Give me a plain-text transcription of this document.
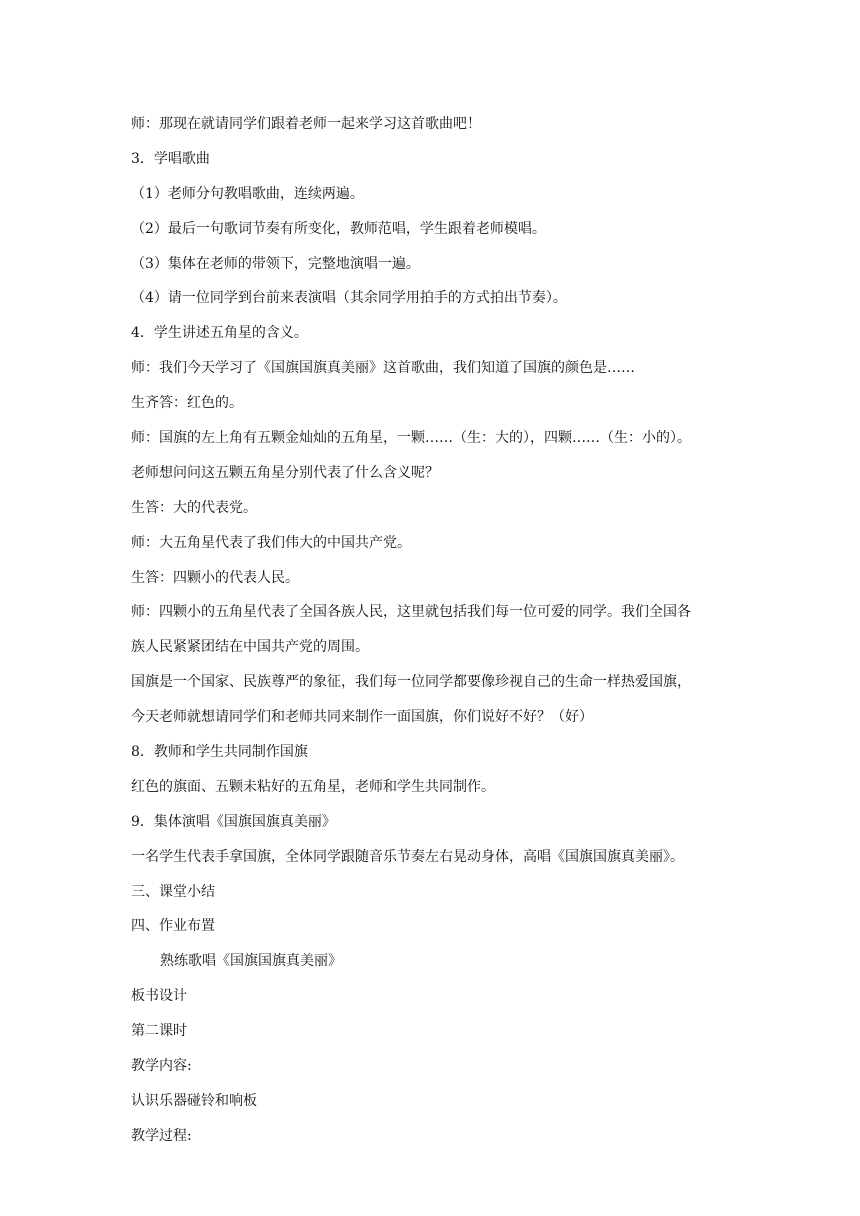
师：那现在就请同学们跟着老师一起来学习这首歌曲吧！
3．学唱歌曲
（1）老师分句教唱歌曲，连续两遍。
（2）最后一句歌词节奏有所变化，教师范唱，学生跟着老师模唱。
（3）集体在老师的带领下，完整地演唱一遍。
（4）请一位同学到台前来表演唱（其余同学用拍手的方式拍出节奏）。
4．学生讲述五角星的含义。
师：我们今天学习了《国旗国旗真美丽》这首歌曲，我们知道了国旗的颜色是……
生齐答：红色的。
师：国旗的左上角有五颗金灿灿的五角星，一颗……（生：大的），四颗……（生：小的）。
老师想问问这五颗五角星分别代表了什么含义呢？
生答：大的代表党。
师：大五角星代表了我们伟大的中国共产党。
生答：四颗小的代表人民。
师：四颗小的五角星代表了全国各族人民，这里就包括我们每一位可爱的同学。我们全国各
族人民紧紧团结在中国共产党的周围。
国旗是一个国家、民族尊严的象征，我们每一位同学都要像珍视自己的生命一样热爱国旗，
今天老师就想请同学们和老师共同来制作一面国旗，你们说好不好？（好）
8．教师和学生共同制作国旗
红色的旗面、五颗未粘好的五角星，老师和学生共同制作。
9．集体演唱《国旗国旗真美丽》
一名学生代表手拿国旗，全体同学跟随音乐节奏左右晃动身体，高唱《国旗国旗真美丽》。
三、课堂小结
四、作业布置
熟练歌唱《国旗国旗真美丽》
板书设计
第二课时
教学内容:
认识乐器碰铃和响板
教学过程:
